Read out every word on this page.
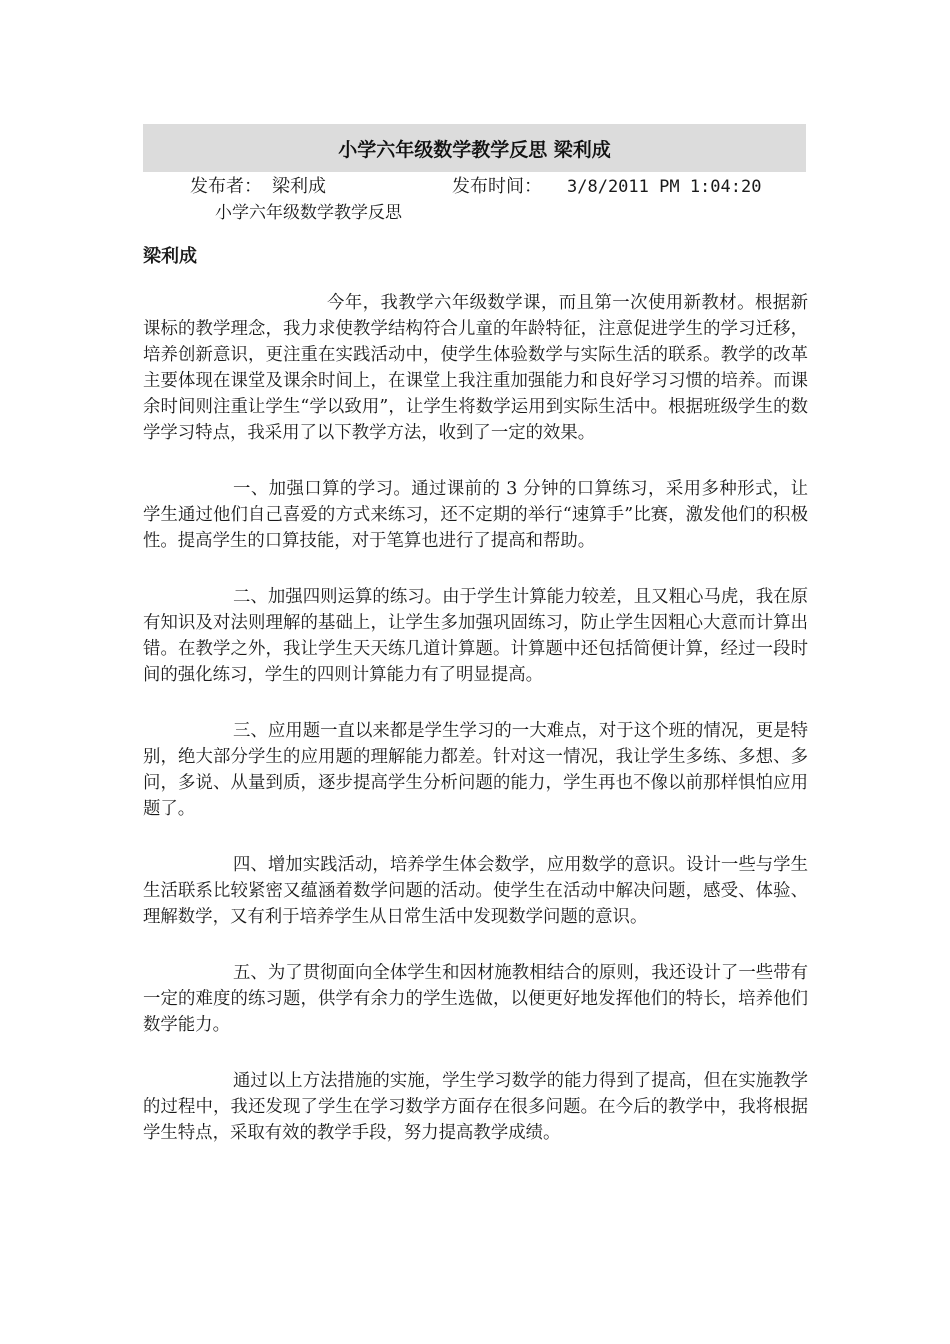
小学六年级数学教学反思 梁利成
发布者： 梁利成	发布时间： 3/8/2011 PM 1:04:20
小学六年级数学教学反思
梁利成

今年，我教学六年级数学课，而且第一次使用新教材。根据新课标的教学理念，我力求使教学结构符合儿童的年龄特征，注意促进学生的学习迁移，培养创新意识，更注重在实践活动中，使学生体验数学与实际生活的联系。教学的改革主要体现在课堂及课余时间上，在课堂上我注重加强能力和良好学习习惯的培养。而课余时间则注重让学生“学以致用”，让学生将数学运用到实际生活中。根据班级学生的数学学习特点，我采用了以下教学方法，收到了一定的效果。

一、加强口算的学习。通过课前的 3 分钟的口算练习，采用多种形式，让学生通过他们自己喜爱的方式来练习，还不定期的举行“速算手”比赛，激发他们的积极性。提高学生的口算技能，对于笔算也进行了提高和帮助。

二、加强四则运算的练习。由于学生计算能力较差，且又粗心马虎，我在原有知识及对法则理解的基础上，让学生多加强巩固练习，防止学生因粗心大意而计算出错。在教学之外，我让学生天天练几道计算题。计算题中还包括简便计算，经过一段时间的强化练习，学生的四则计算能力有了明显提高。

三、应用题一直以来都是学生学习的一大难点，对于这个班的情况，更是特别，绝大部分学生的应用题的理解能力都差。针对这一情况，我让学生多练、多想、多问，多说、从量到质，逐步提高学生分析问题的能力，学生再也不像以前那样惧怕应用题了。

四、增加实践活动，培养学生体会数学，应用数学的意识。设计一些与学生生活联系比较紧密又蕴涵着数学问题的活动。使学生在活动中解决问题，感受、体验、理解数学，又有利于培养学生从日常生活中发现数学问题的意识。

五、为了贯彻面向全体学生和因材施教相结合的原则，我还设计了一些带有一定的难度的练习题，供学有余力的学生选做，以便更好地发挥他们的特长，培养他们数学能力。

通过以上方法措施的实施，学生学习数学的能力得到了提高，但在实施教学的过程中，我还发现了学生在学习数学方面存在很多问题。在今后的教学中，我将根据学生特点，采取有效的教学手段，努力提高教学成绩。
